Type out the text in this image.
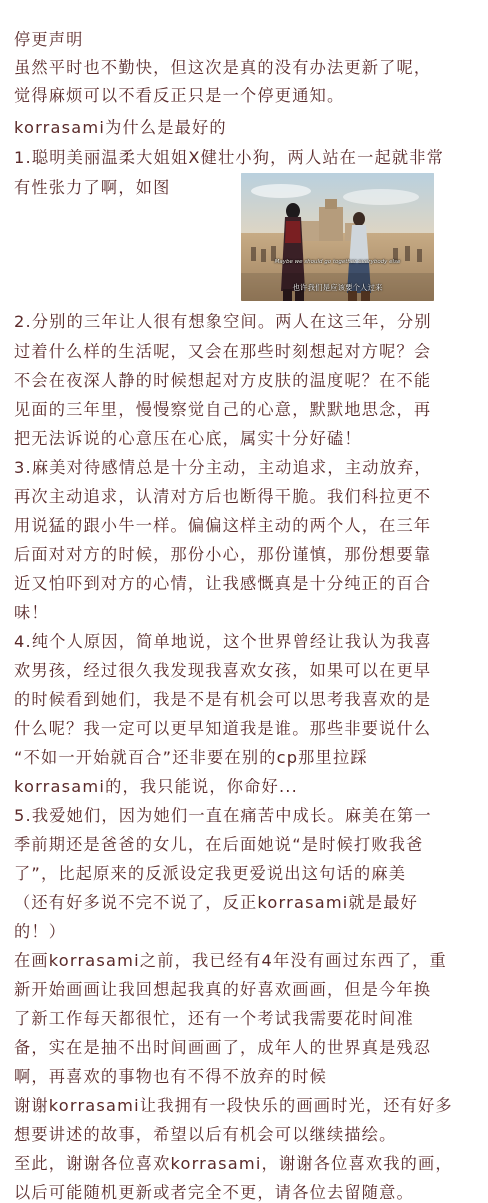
停更声明
虽然平时也不勤快，但这次是真的没有办法更新了呢，
觉得麻烦可以不看反正只是一个停更通知。
korrasami为什么是最好的
1.聪明美丽温柔大姐姐X健壮小狗，两人站在一起就非常
有性张力了啊，如图
Maybe we should go together everybody else
也许我们是应该要个人过来
2.分别的三年让人很有想象空间。两人在这三年，分别
过着什么样的生活呢，又会在那些时刻想起对方呢？会
不会在夜深人静的时候想起对方皮肤的温度呢？在不能
见面的三年里，慢慢察觉自己的心意，默默地思念，再
把无法诉说的心意压在心底，属实十分好磕！
3.麻美对待感情总是十分主动，主动追求，主动放弃，
再次主动追求，认清对方后也断得干脆。我们科拉更不
用说猛的跟小牛一样。偏偏这样主动的两个人，在三年
后面对对方的时候，那份小心，那份谨慎，那份想要靠
近又怕吓到对方的心情，让我感慨真是十分纯正的百合
味！
4.纯个人原因，简单地说，这个世界曾经让我认为我喜
欢男孩，经过很久我发现我喜欢女孩，如果可以在更早
的时候看到她们，我是不是有机会可以思考我喜欢的是
什么呢？我一定可以更早知道我是谁。那些非要说什么
“不如一开始就百合”还非要在别的cp那里拉踩
korrasami的，我只能说，你命好...
5.我爱她们，因为她们一直在痛苦中成长。麻美在第一
季前期还是爸爸的女儿，在后面她说“是时候打败我爸
了”，比起原来的反派设定我更爱说出这句话的麻美
（还有好多说不完不说了，反正korrasami就是最好
的！）
在画korrasami之前，我已经有4年没有画过东西了，重
新开始画画让我回想起我真的好喜欢画画，但是今年换
了新工作每天都很忙，还有一个考试我需要花时间准
备，实在是抽不出时间画画了，成年人的世界真是残忍
啊，再喜欢的事物也有不得不放弃的时候
谢谢korrasami让我拥有一段快乐的画画时光，还有好多
想要讲述的故事，希望以后有机会可以继续描绘。
至此，谢谢各位喜欢korrasami，谢谢各位喜欢我的画，
以后可能随机更新或者完全不更，请各位去留随意。
